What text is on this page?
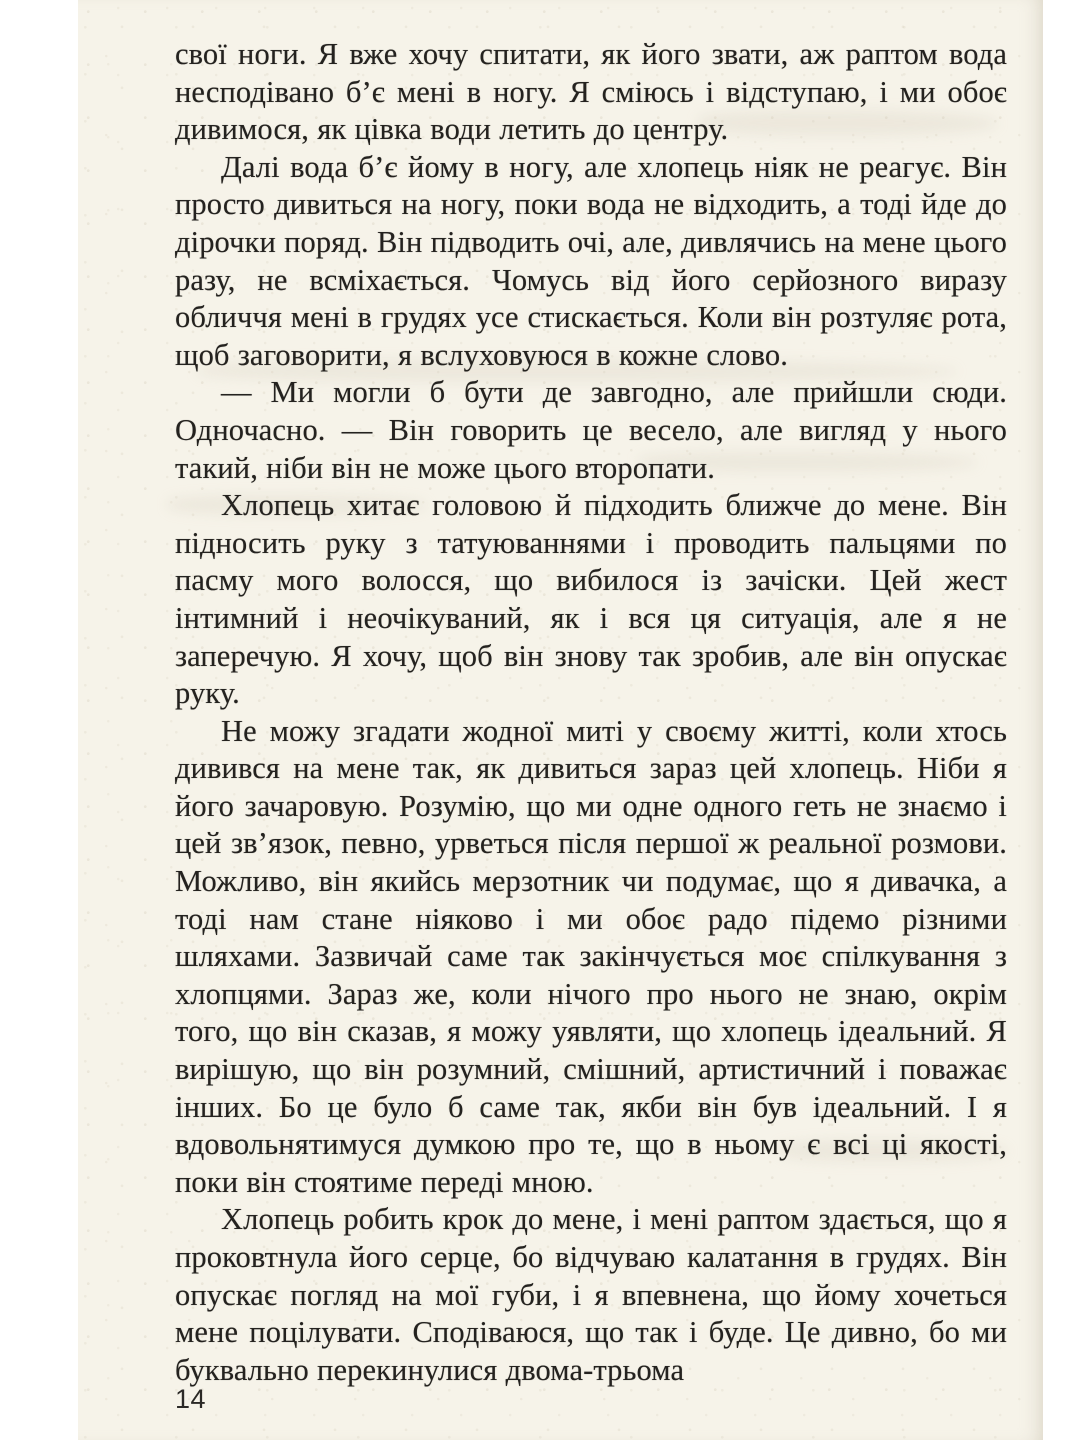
свої ноги. Я вже хочу спитати, як його звати, аж раптом вода несподівано б’є мені в ногу. Я сміюсь і відступаю, і ми обоє дивимося, як цівка води летить до центру.

Далі вода б’є йому в ногу, але хлопець ніяк не реагує. Він просто дивиться на ногу, поки вода не відходить, а тоді йде до дірочки поряд. Він підводить очі, але, дивлячись на мене цього разу, не всміхається. Чомусь від його серйозного виразу обличчя мені в грудях усе стискається. Коли він розтуляє рота, щоб заговорити, я вслуховуюся в кожне слово.

— Ми могли б бути де завгодно, але прийшли сюди. Одночасно. — Він говорить це весело, але вигляд у нього такий, ніби він не може цього второпати.

Хлопець хитає головою й підходить ближче до мене. Він підносить руку з татуюваннями і проводить пальцями по пасму мого волосся, що вибилося із зачіски. Цей жест інтимний і неочікуваний, як і вся ця ситуація, але я не заперечую. Я хочу, щоб він знову так зробив, але він опускає руку.

Не можу згадати жодної миті у своєму житті, коли хтось дивився на мене так, як дивиться зараз цей хлопець. Ніби я його зачаровую. Розумію, що ми одне одного геть не знаємо і цей зв’язок, певно, урветься після першої ж реальної розмови. Можливо, він якийсь мерзотник чи подумає, що я дивачка, а тоді нам стане ніяково і ми обоє радо підемо різними шляхами. Зазвичай саме так закінчується моє спілкування з хлопцями. Зараз же, коли нічого про нього не знаю, окрім того, що він сказав, я можу уявляти, що хлопець ідеальний. Я вирішую, що він розумний, смішний, артистичний і поважає інших. Бо це було б саме так, якби він був ідеальний. І я вдовольнятимуся думкою про те, що в ньому є всі ці якості, поки він стоятиме переді мною.

Хлопець робить крок до мене, і мені раптом здається, що я проковтнула його серце, бо відчуваю калатання в грудях. Він опускає погляд на мої губи, і я впевнена, що йому хочеться мене поцілувати. Сподіваюся, що так і буде. Це дивно, бо ми буквально перекинулися двома-трьома

14
